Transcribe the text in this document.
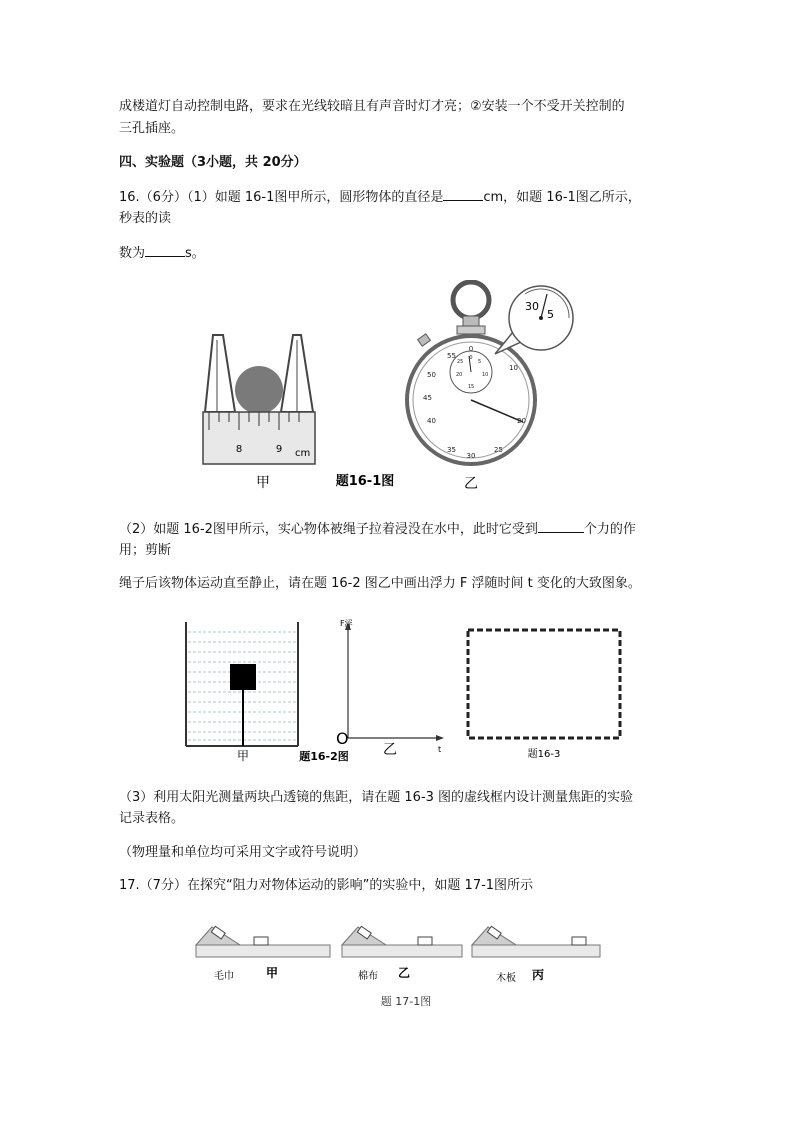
成楼道灯自动控制电路，要求在光线较暗且有声音时灯才亮；②安装一个不受开关控制的

三孔插座。

四、实验题（3小题，共 20分）

16.（6分）（1）如题 16-1图甲所示，圆形物体的直径是	cm，如题 16-1图乙所示，

秒表的读

数为	s。

8	9 cm
甲	题16-1图
0
10
20
30
40
45
50
55
35	25
0
5
10
15
25
20
30
5
乙

（2）如题 16-2图甲所示，实心物体被绳子拉着浸没在水中，此时它受到	个力的作

用；剪断

绳子后该物体运动直至静止，请在题 16-2 图乙中画出浮力 F 浮随时间 t 变化的大致图象。

甲	题16-2图
F浮
O
乙	t	题16-3

（3）利用太阳光测量两块凸透镜的焦距，请在题 16-3 图的虚线框内设计测量焦距的实验

记录表格。

（物理量和单位均可采用文字或符号说明）

17.（7分）在探究“阻力对物体运动的影响”的实验中，如题 17-1图所示

毛巾	甲	棉布 乙	木板 丙
题 17-1图
